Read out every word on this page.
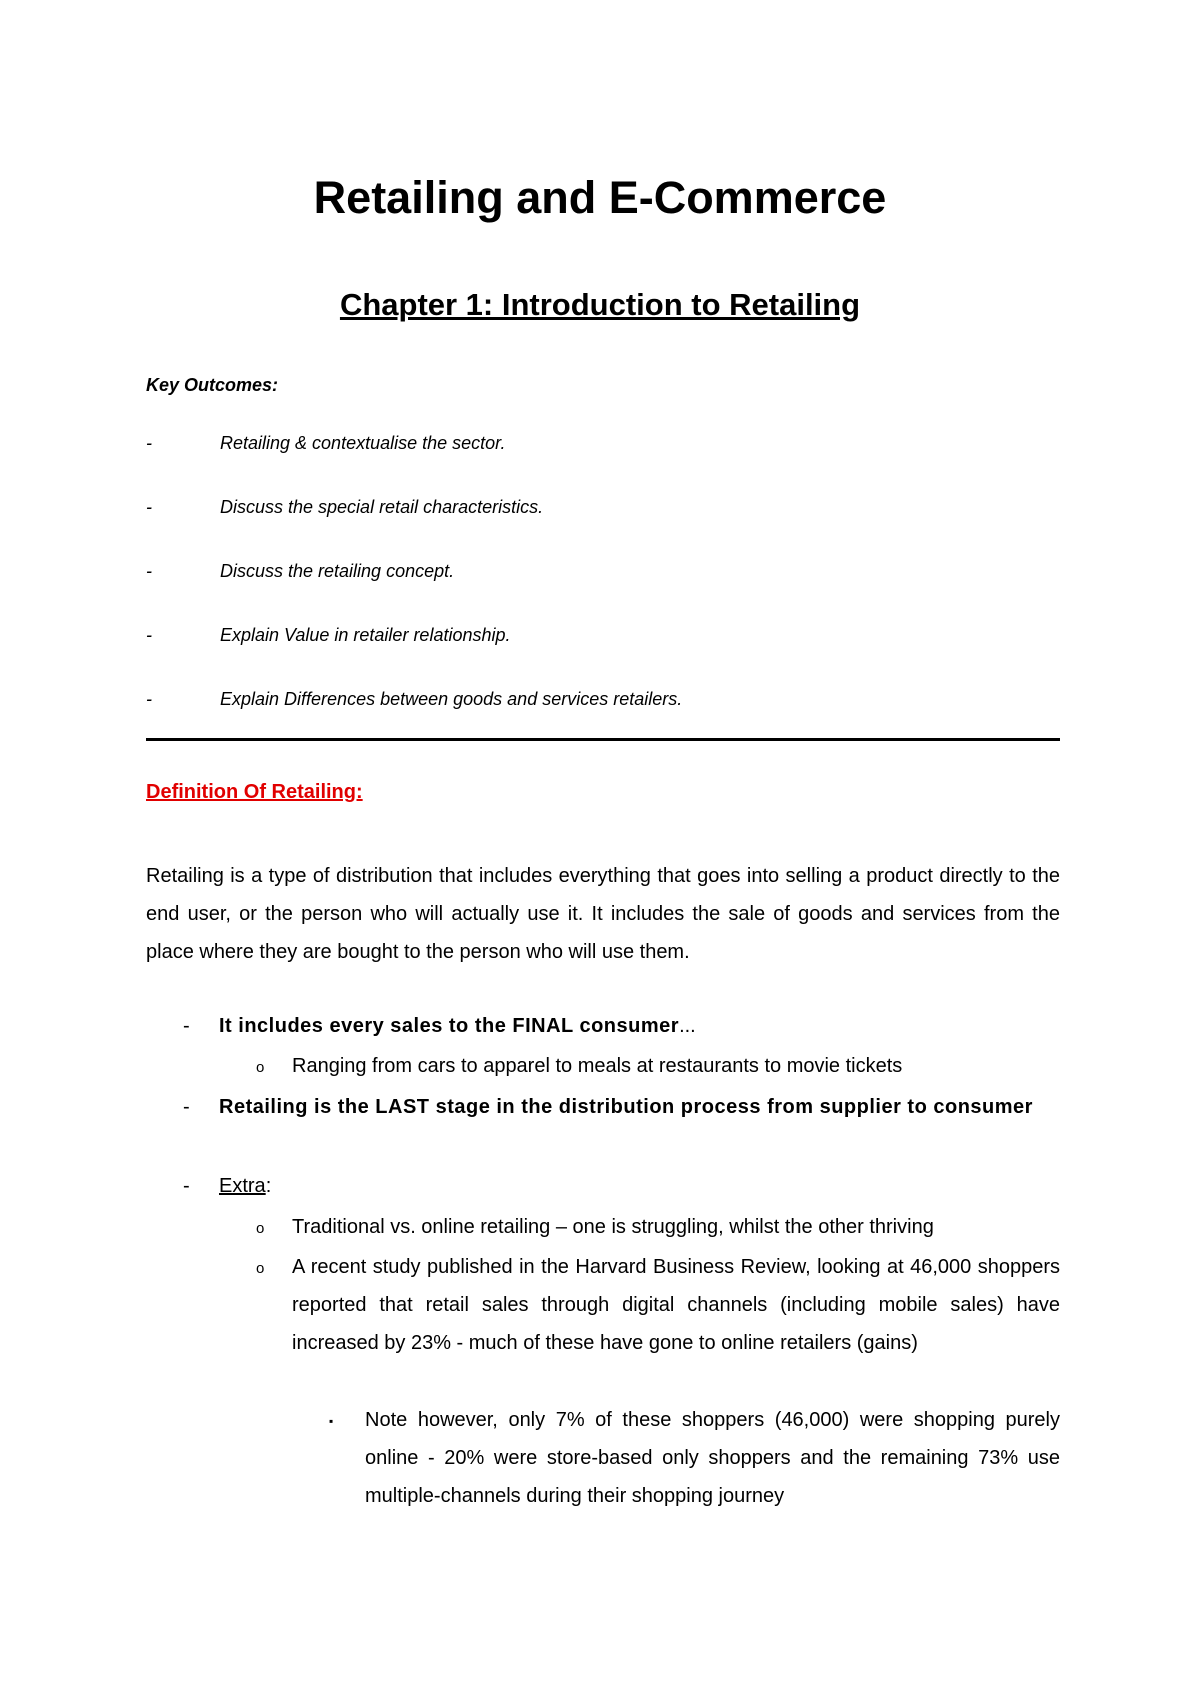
Retailing and E-Commerce
Chapter 1: Introduction to Retailing
Key Outcomes:
-	Retailing & contextualise the sector.
-	Discuss the special retail characteristics.
-	Discuss the retailing concept.
-	Explain Value in retailer relationship.
-	Explain Differences between goods and services retailers.
Definition Of Retailing:

Retailing is a type of distribution that includes everything that goes into selling a product directly to the end user, or the person who will actually use it. It includes the sale of goods and services from the place where they are bought to the person who will use them.

- It includes every sales to the FINAL consumer...
o Ranging from cars to apparel to meals at restaurants to movie tickets
- Retailing is the LAST stage in the distribution process from supplier to consumer

- Extra:
o Traditional vs. online retailing – one is struggling, whilst the other thriving

o A recent study published in the Harvard Business Review, looking at 46,000 shoppers reported that retail sales through digital channels (including mobile sales) have increased by 23% - much of these have gone to online retailers (gains)

▪ Note however, only 7% of these shoppers (46,000) were shopping purely online - 20% were store-based only shoppers and the remaining 73% use multiple-channels during their shopping journey
